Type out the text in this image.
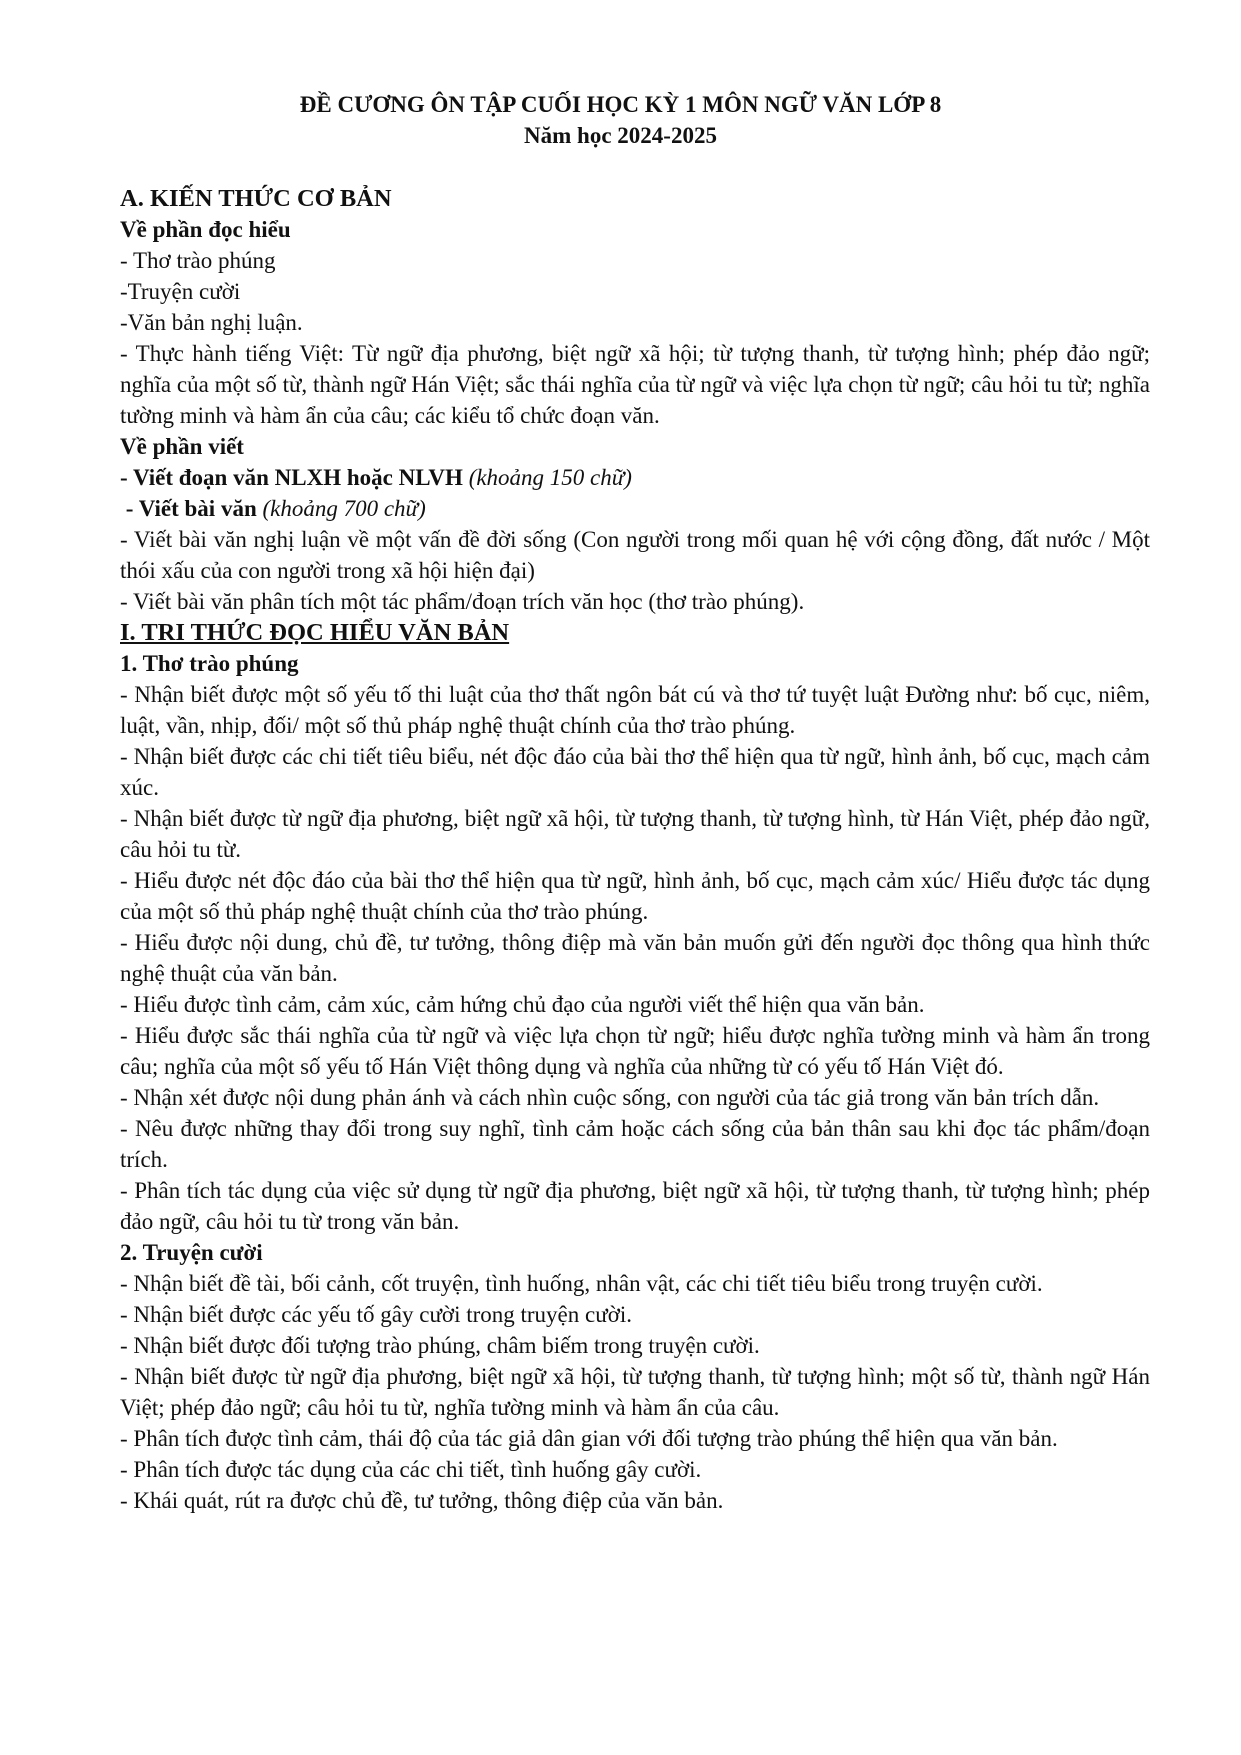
ĐỀ CƯƠNG ÔN TẬP CUỐI HỌC KỲ 1 MÔN NGỮ VĂN LỚP 8
Năm học 2024-2025

A. KIẾN THỨC CƠ BẢN

Về phần đọc hiểu

- Thơ trào phúng

-Truyện cười

-Văn bản nghị luận.

- Thực hành tiếng Việt: Từ ngữ địa phương, biệt ngữ xã hội; từ tượng thanh, từ tượng hình; phép đảo ngữ; nghĩa của một số từ, thành ngữ Hán Việt; sắc thái nghĩa của từ ngữ và việc lựa chọn từ ngữ; câu hỏi tu từ; nghĩa tường minh và hàm ẩn của câu; các kiểu tổ chức đoạn văn.

Về phần viết

- Viết đoạn văn NLXH hoặc NLVH (khoảng 150 chữ)

- Viết bài văn (khoảng 700 chữ)

- Viết bài văn nghị luận về một vấn đề đời sống (Con người trong mối quan hệ với cộng đồng, đất nước / Một thói xấu của con người trong xã hội hiện đại)

- Viết bài văn phân tích một tác phẩm/đoạn trích văn học (thơ trào phúng).

I. TRI THỨC ĐỌC HIỂU VĂN BẢN

1. Thơ trào phúng

- Nhận biết được một số yếu tố thi luật của thơ thất ngôn bát cú và thơ tứ tuyệt luật Đường như: bố cục, niêm, luật, vần, nhịp, đối/ một số thủ pháp nghệ thuật chính của thơ trào phúng.

- Nhận biết được các chi tiết tiêu biểu, nét độc đáo của bài thơ thể hiện qua từ ngữ, hình ảnh, bố cục, mạch cảm xúc.

- Nhận biết được từ ngữ địa phương, biệt ngữ xã hội, từ tượng thanh, từ tượng hình, từ Hán Việt, phép đảo ngữ, câu hỏi tu từ.

- Hiểu được nét độc đáo của bài thơ thể hiện qua từ ngữ, hình ảnh, bố cục, mạch cảm xúc/ Hiểu được tác dụng của một số thủ pháp nghệ thuật chính của thơ trào phúng.

- Hiểu được nội dung, chủ đề, tư tưởng, thông điệp mà văn bản muốn gửi đến người đọc thông qua hình thức nghệ thuật của văn bản.

- Hiểu được tình cảm, cảm xúc, cảm hứng chủ đạo của người viết thể hiện qua văn bản.

- Hiểu được sắc thái nghĩa của từ ngữ và việc lựa chọn từ ngữ; hiểu được nghĩa tường minh và hàm ẩn trong câu; nghĩa của một số yếu tố Hán Việt thông dụng và nghĩa của những từ có yếu tố Hán Việt đó.

- Nhận xét được nội dung phản ánh và cách nhìn cuộc sống, con người của tác giả trong văn bản trích dẫn.

- Nêu được những thay đổi trong suy nghĩ, tình cảm hoặc cách sống của bản thân sau khi đọc tác phẩm/đoạn trích.

- Phân tích tác dụng của việc sử dụng từ ngữ địa phương, biệt ngữ xã hội, từ tượng thanh, từ tượng hình; phép đảo ngữ, câu hỏi tu từ trong văn bản.

2. Truyện cười

- Nhận biết đề tài, bối cảnh, cốt truyện, tình huống, nhân vật, các chi tiết tiêu biểu trong truyện cười.

- Nhận biết được các yếu tố gây cười trong truyện cười.

- Nhận biết được đối tượng trào phúng, châm biếm trong truyện cười.

- Nhận biết được từ ngữ địa phương, biệt ngữ xã hội, từ tượng thanh, từ tượng hình; một số từ, thành ngữ Hán Việt; phép đảo ngữ; câu hỏi tu từ, nghĩa tường minh và hàm ẩn của câu.

- Phân tích được tình cảm, thái độ của tác giả dân gian với đối tượng trào phúng thể hiện qua văn bản.

- Phân tích được tác dụng của các chi tiết, tình huống gây cười.

- Khái quát, rút ra được chủ đề, tư tưởng, thông điệp của văn bản.
